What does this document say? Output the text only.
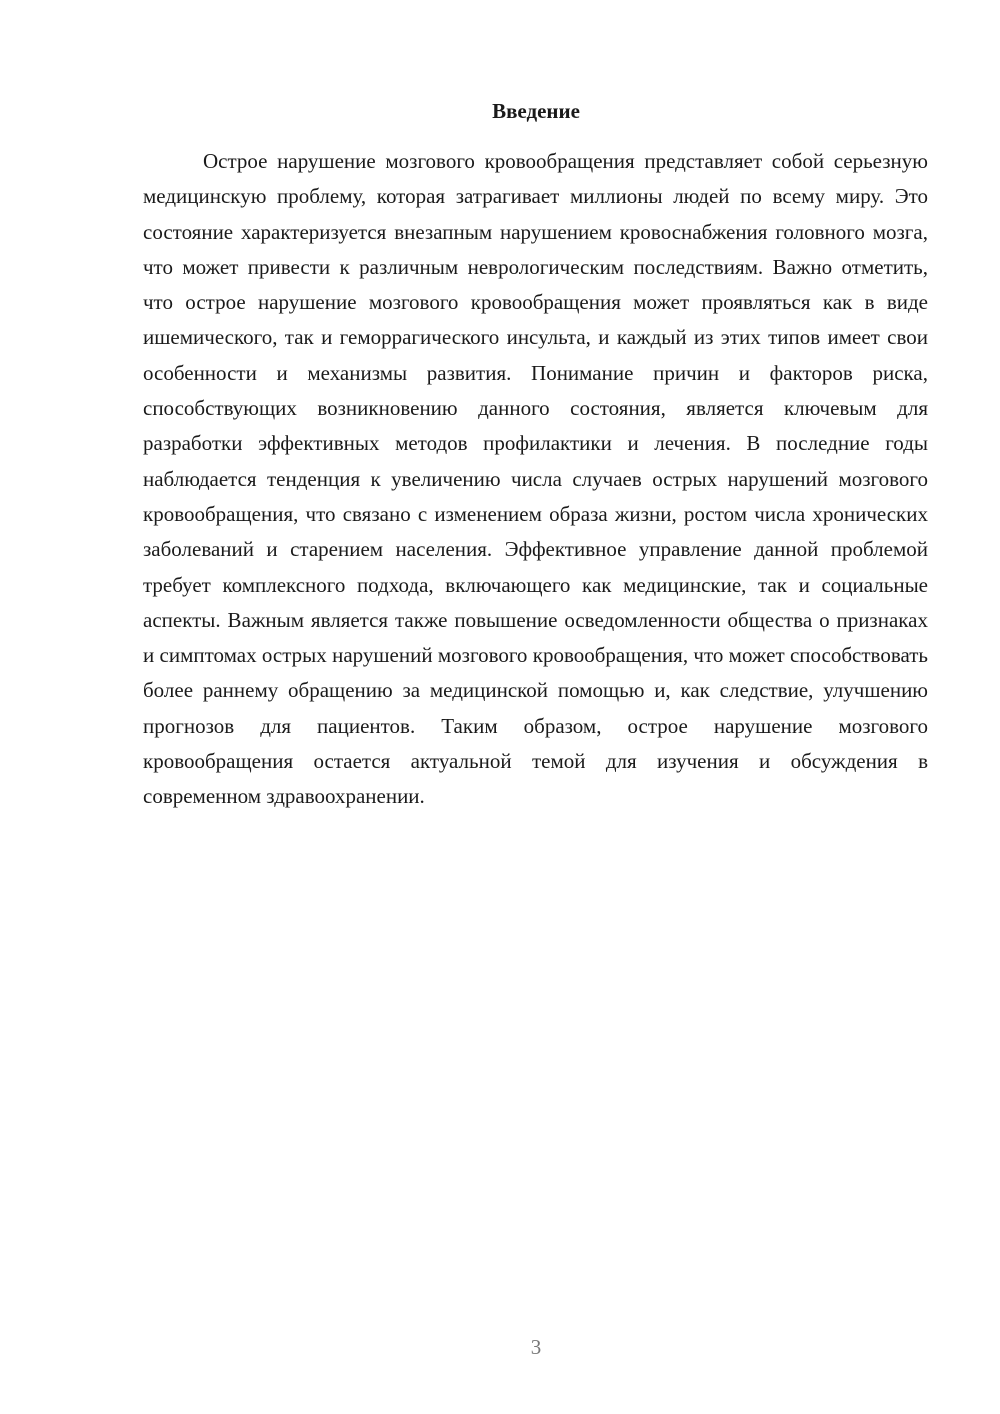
Введение

Острое нарушение мозгового кровообращения представляет собой серьезную медицинскую проблему, которая затрагивает миллионы людей по всему миру. Это состояние характеризуется внезапным нарушением кровоснабжения головного мозга, что может привести к различным неврологическим последствиям. Важно отметить, что острое нарушение мозгового кровообращения может проявляться как в виде ишемического, так и геморрагического инсульта, и каждый из этих типов имеет свои особенности и механизмы развития. Понимание причин и факторов риска, способствующих возникновению данного состояния, является ключевым для разработки эффективных методов профилактики и лечения. В последние годы наблюдается тенденция к увеличению числа случаев острых нарушений мозгового кровообращения, что связано с изменением образа жизни, ростом числа хронических заболеваний и старением населения. Эффективное управление данной проблемой требует комплексного подхода, включающего как медицинские, так и социальные аспекты. Важным является также повышение осведомленности общества о признаках и симптомах острых нарушений мозгового кровообращения, что может способствовать более раннему обращению за медицинской помощью и, как следствие, улучшению прогнозов для пациентов. Таким образом, острое нарушение мозгового кровообращения остается актуальной темой для изучения и обсуждения в современном здравоохранении.

3
